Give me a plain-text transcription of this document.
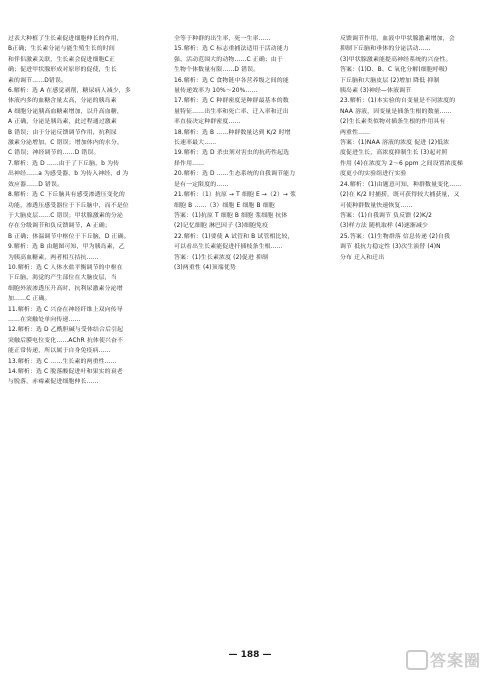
过表大种植了生长素促进细胞伸长的作用，

B正确；生长素分泌与能生殖生长的时间

和伴侣激素关联，生长素会促进细胞C正

确；促进甲状腺形成对原形的促使，生长

素的调节……D错误。

6.解析：选 A 在感觉剥削，糖尿病人减少，多

体液内多的血糖含量太高，分泌的胰岛素

A 细胞分泌胰高血糖素增加，以升高血糖，

A 正确，分泌是胰岛素，此过程通过激素

B 错误；由于分泌反馈调节作用，抗利尿

激素分泌增加，C 错误；增加体内的水分，

C 错误；神经调节的……D 错误。

7.解析：选 D ……由于了下丘脑，b 为传

出神经……a 为感受器，b 为传入神经，d 为

效应器……D 错误。

8.解析：选 C 下丘脑具有感受渗透压变化的

功能，渗透压感受器位于下丘脑中，而不是位

于大脑皮层……C 错误；甲状腺激素的分泌

存在分级调节和负反馈调节，A 正确；

B 正确；体温调节中枢位于下丘脑，D 正确。

9.解析：选 B 由题图可知，甲为胰岛素，乙

为胰高血糖素，两者相互拮抗……

10.解析：选 C 人体水盐平衡调节的中枢在

下丘脑，渴觉的产生部位在大脑皮层，当

细胞外液渗透压升高时，抗利尿激素分泌增

加……C 正确。

11.解析：选 C 兴奋在神经纤维上双向传导

……在突触处单向传递……

12.解析：选 D 乙酰胆碱与受体结合后引起

突触后膜电位变化……AChR 抗体使兴奋不

能正常传递，所以属于自身免疫病……

13.解析：选 C ……生长素的两重性……

14.解析：选 C 脱落酸促进叶和果实的衰老

与脱落，赤霉素促进细胞伸长……

全等于种群的出生率，死一生率……

15.解析：选 C 标志重捕法适用于活动能力

强、活动范围大的动物……C 正确；由于

生物个体数量有限……D 错误。

16.解析：选 C 食物链中各营养级之间的能

量传递效率为 10%～20%……

17.解析：选 C 种群密度是种群最基本的数

量特征……出生率和死亡率、迁入率和迁出

率直接决定种群密度……

18.解析：选 B ……种群数量达到 K/2 时增

长速率最大……

19.解析：选 D 杀虫剂对害虫的抗药性起选

择作用……

20.解析：选 D ……生态系统的自我调节能力

是有一定限度的……

21.解析：（1）抗原 → T 细胞 E →（2）→ 浆

细胞 B ……（3）细胞 E 细胞 B 细胞

答案：(1)抗原 T 细胞 B 细胞 浆细胞 抗体

(2)记忆细胞 淋巴因子 (3)细胞免疫

22.解析：(1)要使 A 试管和 B 试管相比较，

可以看出生长素能促进扦插枝条生根……

答案：(1)生长素浓度 (2)促进 抑制

(3)两重性 (4)顶端优势

反馈调节作用，血液中甲状腺激素增加，会

抑制下丘脑和垂体的分泌活动……

(3)甲状腺激素能提高神经系统的兴奋性。

答案：(1)D、B、C 氧化分解(细胞呼吸)

下丘脑和大脑皮层 (2)增加 降低 抑制

胰岛素 (3)神经—体液调节

23.解析：(1)本实验的自变量是不同浓度的

NAA 溶液，因变量是插条生根的数量……

(2)生长素类似物对插条生根的作用具有

两重性……

答案：(1)NAA 溶液的浓度 促进 (2)低浓

度促进生长，高浓度抑制生长 (3)起对照

作用 (4)在浓度为 2～6 ppm 之间设置浓度梯

度更小的实验组进行实验

24.解析：(1)由题意可知，种群数量变化……

(2)在 K/2 时捕捞，既可获得较大捕获量，又

可使种群数量快速恢复……

答案：(1)自我调节 负反馈 (2)K/2

(3)样方法 随机取样 (4)逐渐减少

25.答案：(1)生物群落 信息传递 (2)自我

调节 抵抗力稳定性 (3)次生演替 (4)N

分布 迁入和迁出

— 188 —	答案圈
